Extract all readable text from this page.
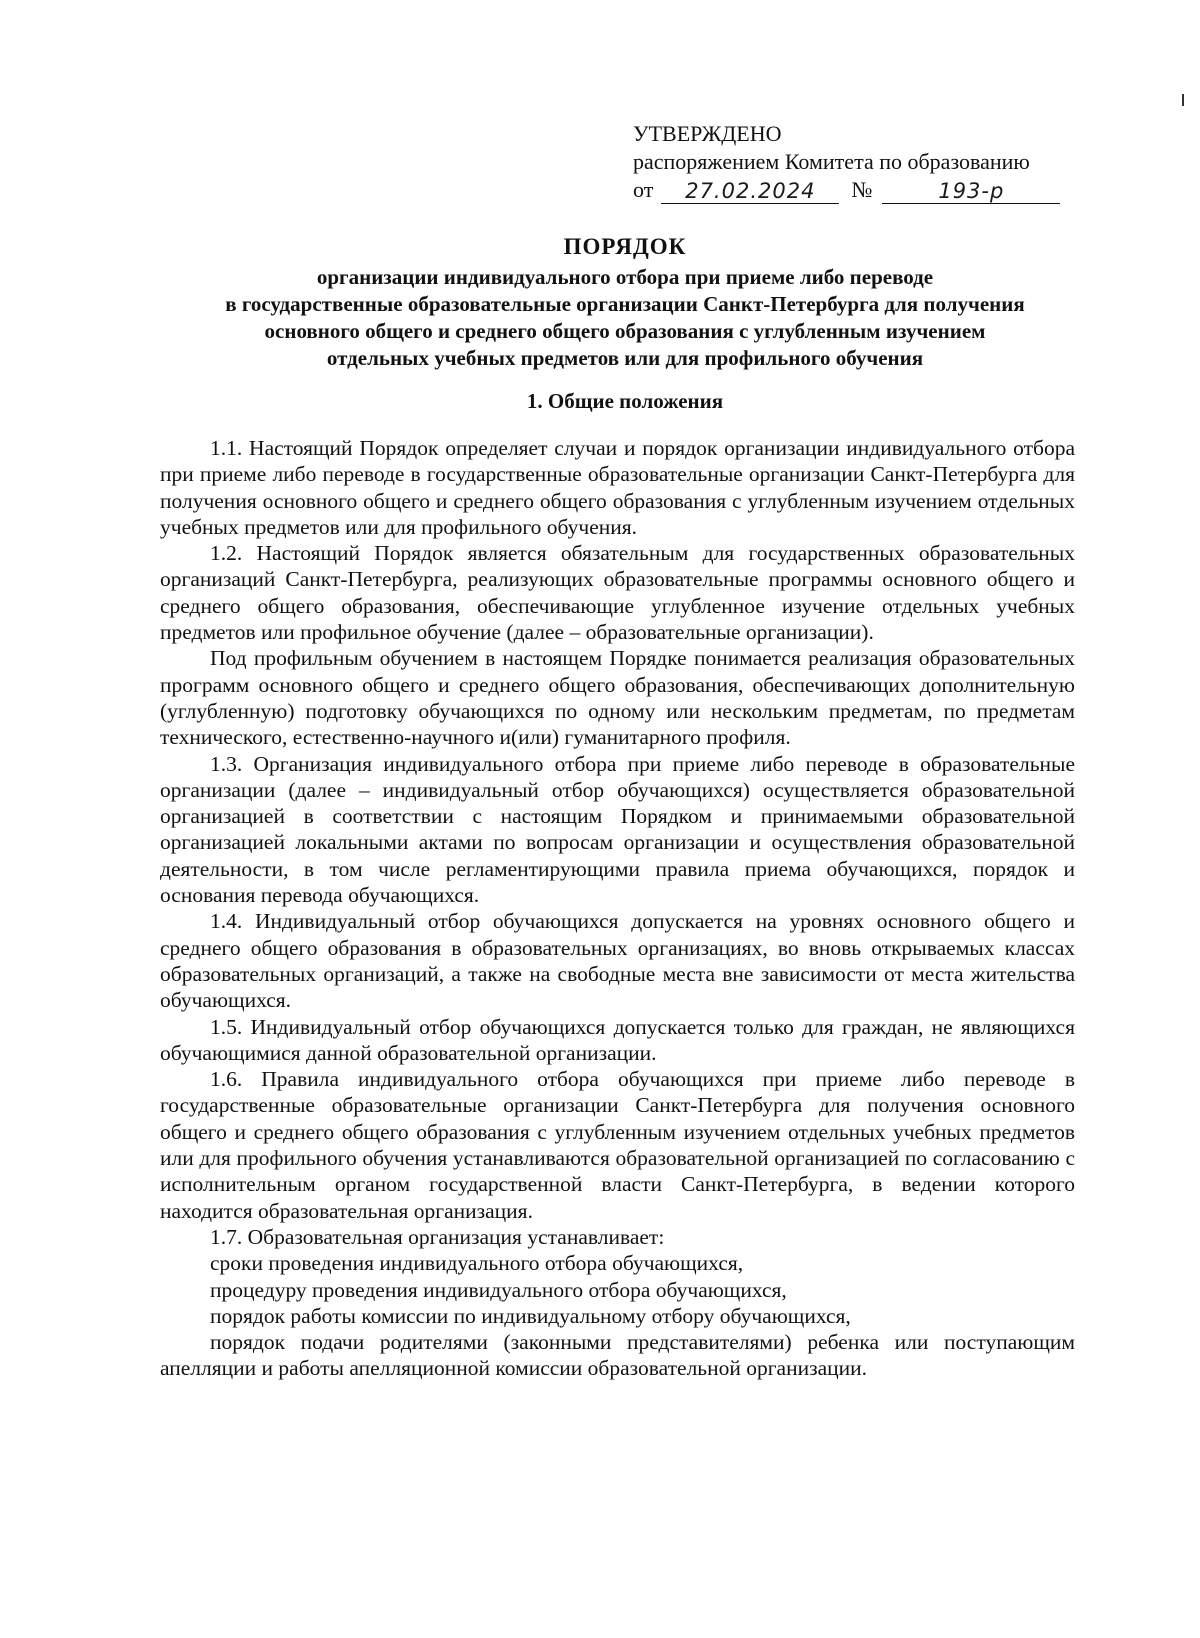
УТВЕРЖДЕНО
распоряжением Комитета по образованию
от	27.02.2024	№	193-р
ПОРЯДОК
организации индивидуального отбора при приеме либо переводе
в государственные образовательные организации Санкт-Петербурга для получения
основного общего и среднего общего образования с углубленным изучением
отдельных учебных предметов или для профильного обучения
1. Общие положения

1.1. Настоящий Порядок определяет случаи и порядок организации индивидуального отбора при приеме либо переводе в государственные образовательные организации Санкт-Петербурга для получения основного общего и среднего общего образования с углубленным изучением отдельных учебных предметов или для профильного обучения.

1.2. Настоящий Порядок является обязательным для государственных образовательных организаций Санкт-Петербурга, реализующих образовательные программы основного общего и среднего общего образования, обеспечивающие углубленное изучение отдельных учебных предметов или профильное обучение (далее – образовательные организации).

Под профильным обучением в настоящем Порядке понимается реализация образовательных программ основного общего и среднего общего образования, обеспечивающих дополнительную (углубленную) подготовку обучающихся по одному или нескольким предметам, по предметам технического, естественно-научного и(или) гуманитарного профиля.

1.3. Организация индивидуального отбора при приеме либо переводе в образовательные организации (далее – индивидуальный отбор обучающихся) осуществляется образовательной организацией в соответствии с настоящим Порядком и принимаемыми образовательной организацией локальными актами по вопросам организации и осуществления образовательной деятельности, в том числе регламентирующими правила приема обучающихся, порядок и основания перевода обучающихся.

1.4. Индивидуальный отбор обучающихся допускается на уровнях основного общего и среднего общего образования в образовательных организациях, во вновь открываемых классах образовательных организаций, а также на свободные места вне зависимости от места жительства обучающихся.

1.5. Индивидуальный отбор обучающихся допускается только для граждан, не являющихся обучающимися данной образовательной организации.

1.6. Правила индивидуального отбора обучающихся при приеме либо переводе в государственные образовательные организации Санкт-Петербурга для получения основного общего и среднего общего образования с углубленным изучением отдельных учебных предметов или для профильного обучения устанавливаются образовательной организацией по согласованию с исполнительным органом государственной власти Санкт-Петербурга, в ведении которого находится образовательная организация.

1.7. Образовательная организация устанавливает:

сроки проведения индивидуального отбора обучающихся,

процедуру проведения индивидуального отбора обучающихся,

порядок работы комиссии по индивидуальному отбору обучающихся,

порядок подачи родителями (законными представителями) ребенка или поступающим апелляции и работы апелляционной комиссии образовательной организации.
